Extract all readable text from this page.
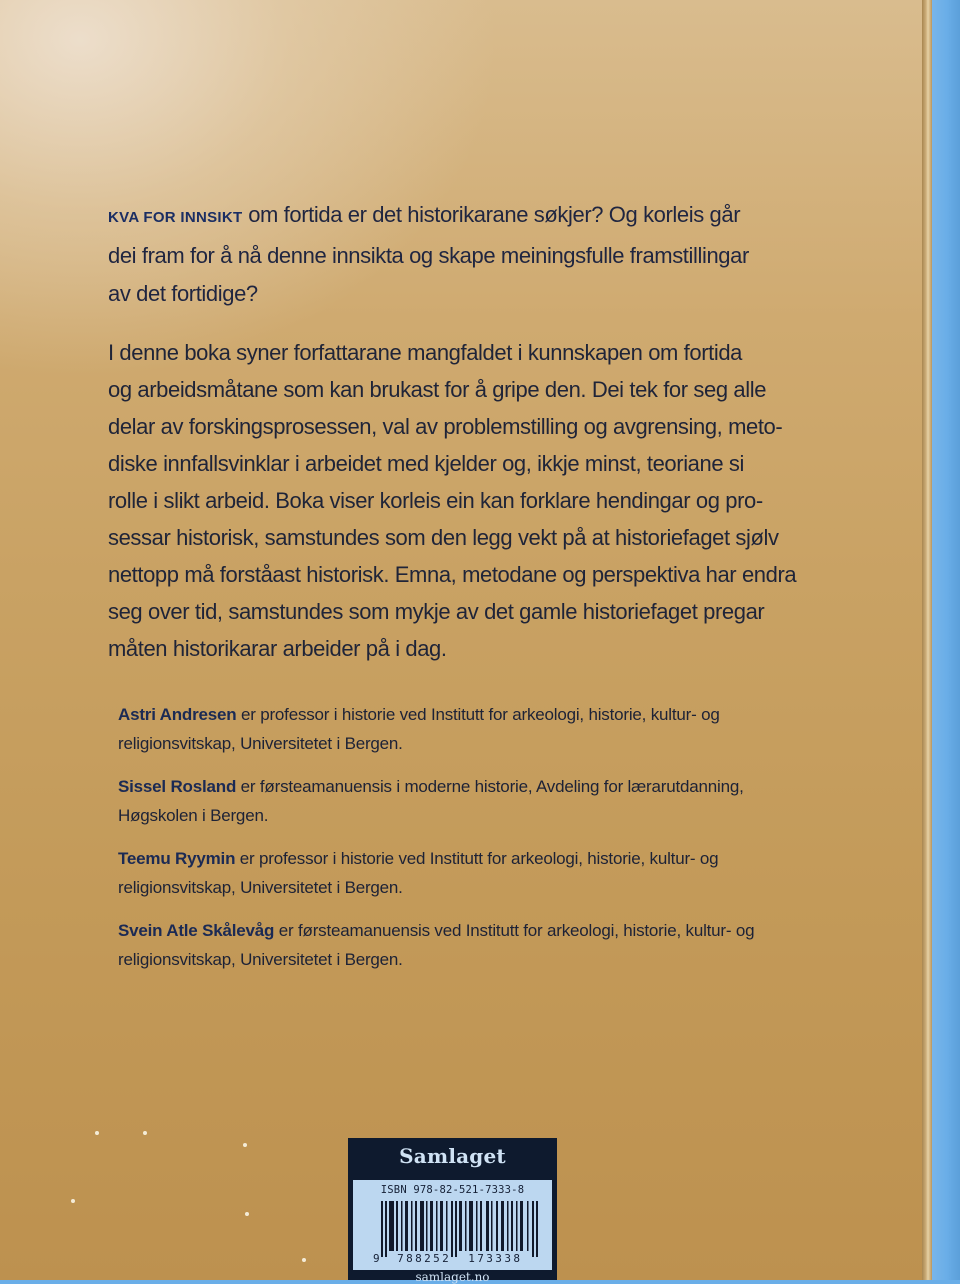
KVA FOR INNSIKT om fortida er det historikarane søkjer? Og korleis går
dei fram for å nå denne innsikta og skape meiningsfulle framstillingar
av det fortidige?
I denne boka syner forfattarane mangfaldet i kunnskapen om fortida
og arbeidsmåtane som kan brukast for å gripe den. Dei tek for seg alle
delar av forskingsprosessen, val av problemstilling og avgrensing, meto-
diske innfallsvinklar i arbeidet med kjelder og, ikkje minst, teoriane si
rolle i slikt arbeid. Boka viser korleis ein kan forklare hendingar og pro-
sessar historisk, samstundes som den legg vekt på at historiefaget sjølv
nettopp må forståast historisk. Emna, metodane og perspektiva har endra
seg over tid, samstundes som mykje av det gamle historiefaget pregar
måten historikarar arbeider på i dag.

Astri Andresen er professor i historie ved Institutt for arkeologi, historie, kultur- og religionsvitskap, Universitetet i Bergen.

Sissel Rosland er førsteamanuensis i moderne historie, Avdeling for lærarutdanning, Høgskolen i Bergen.

Teemu Ryymin er professor i historie ved Institutt for arkeologi, historie, kultur- og religionsvitskap, Universitetet i Bergen.

Svein Atle Skålevåg er førsteamanuensis ved Institutt for arkeologi, historie, kultur- og religionsvitskap, Universitetet i Bergen.

Samlaget
ISBN 978-82-521-7333-8
9 788252 173338
samlaget.no
